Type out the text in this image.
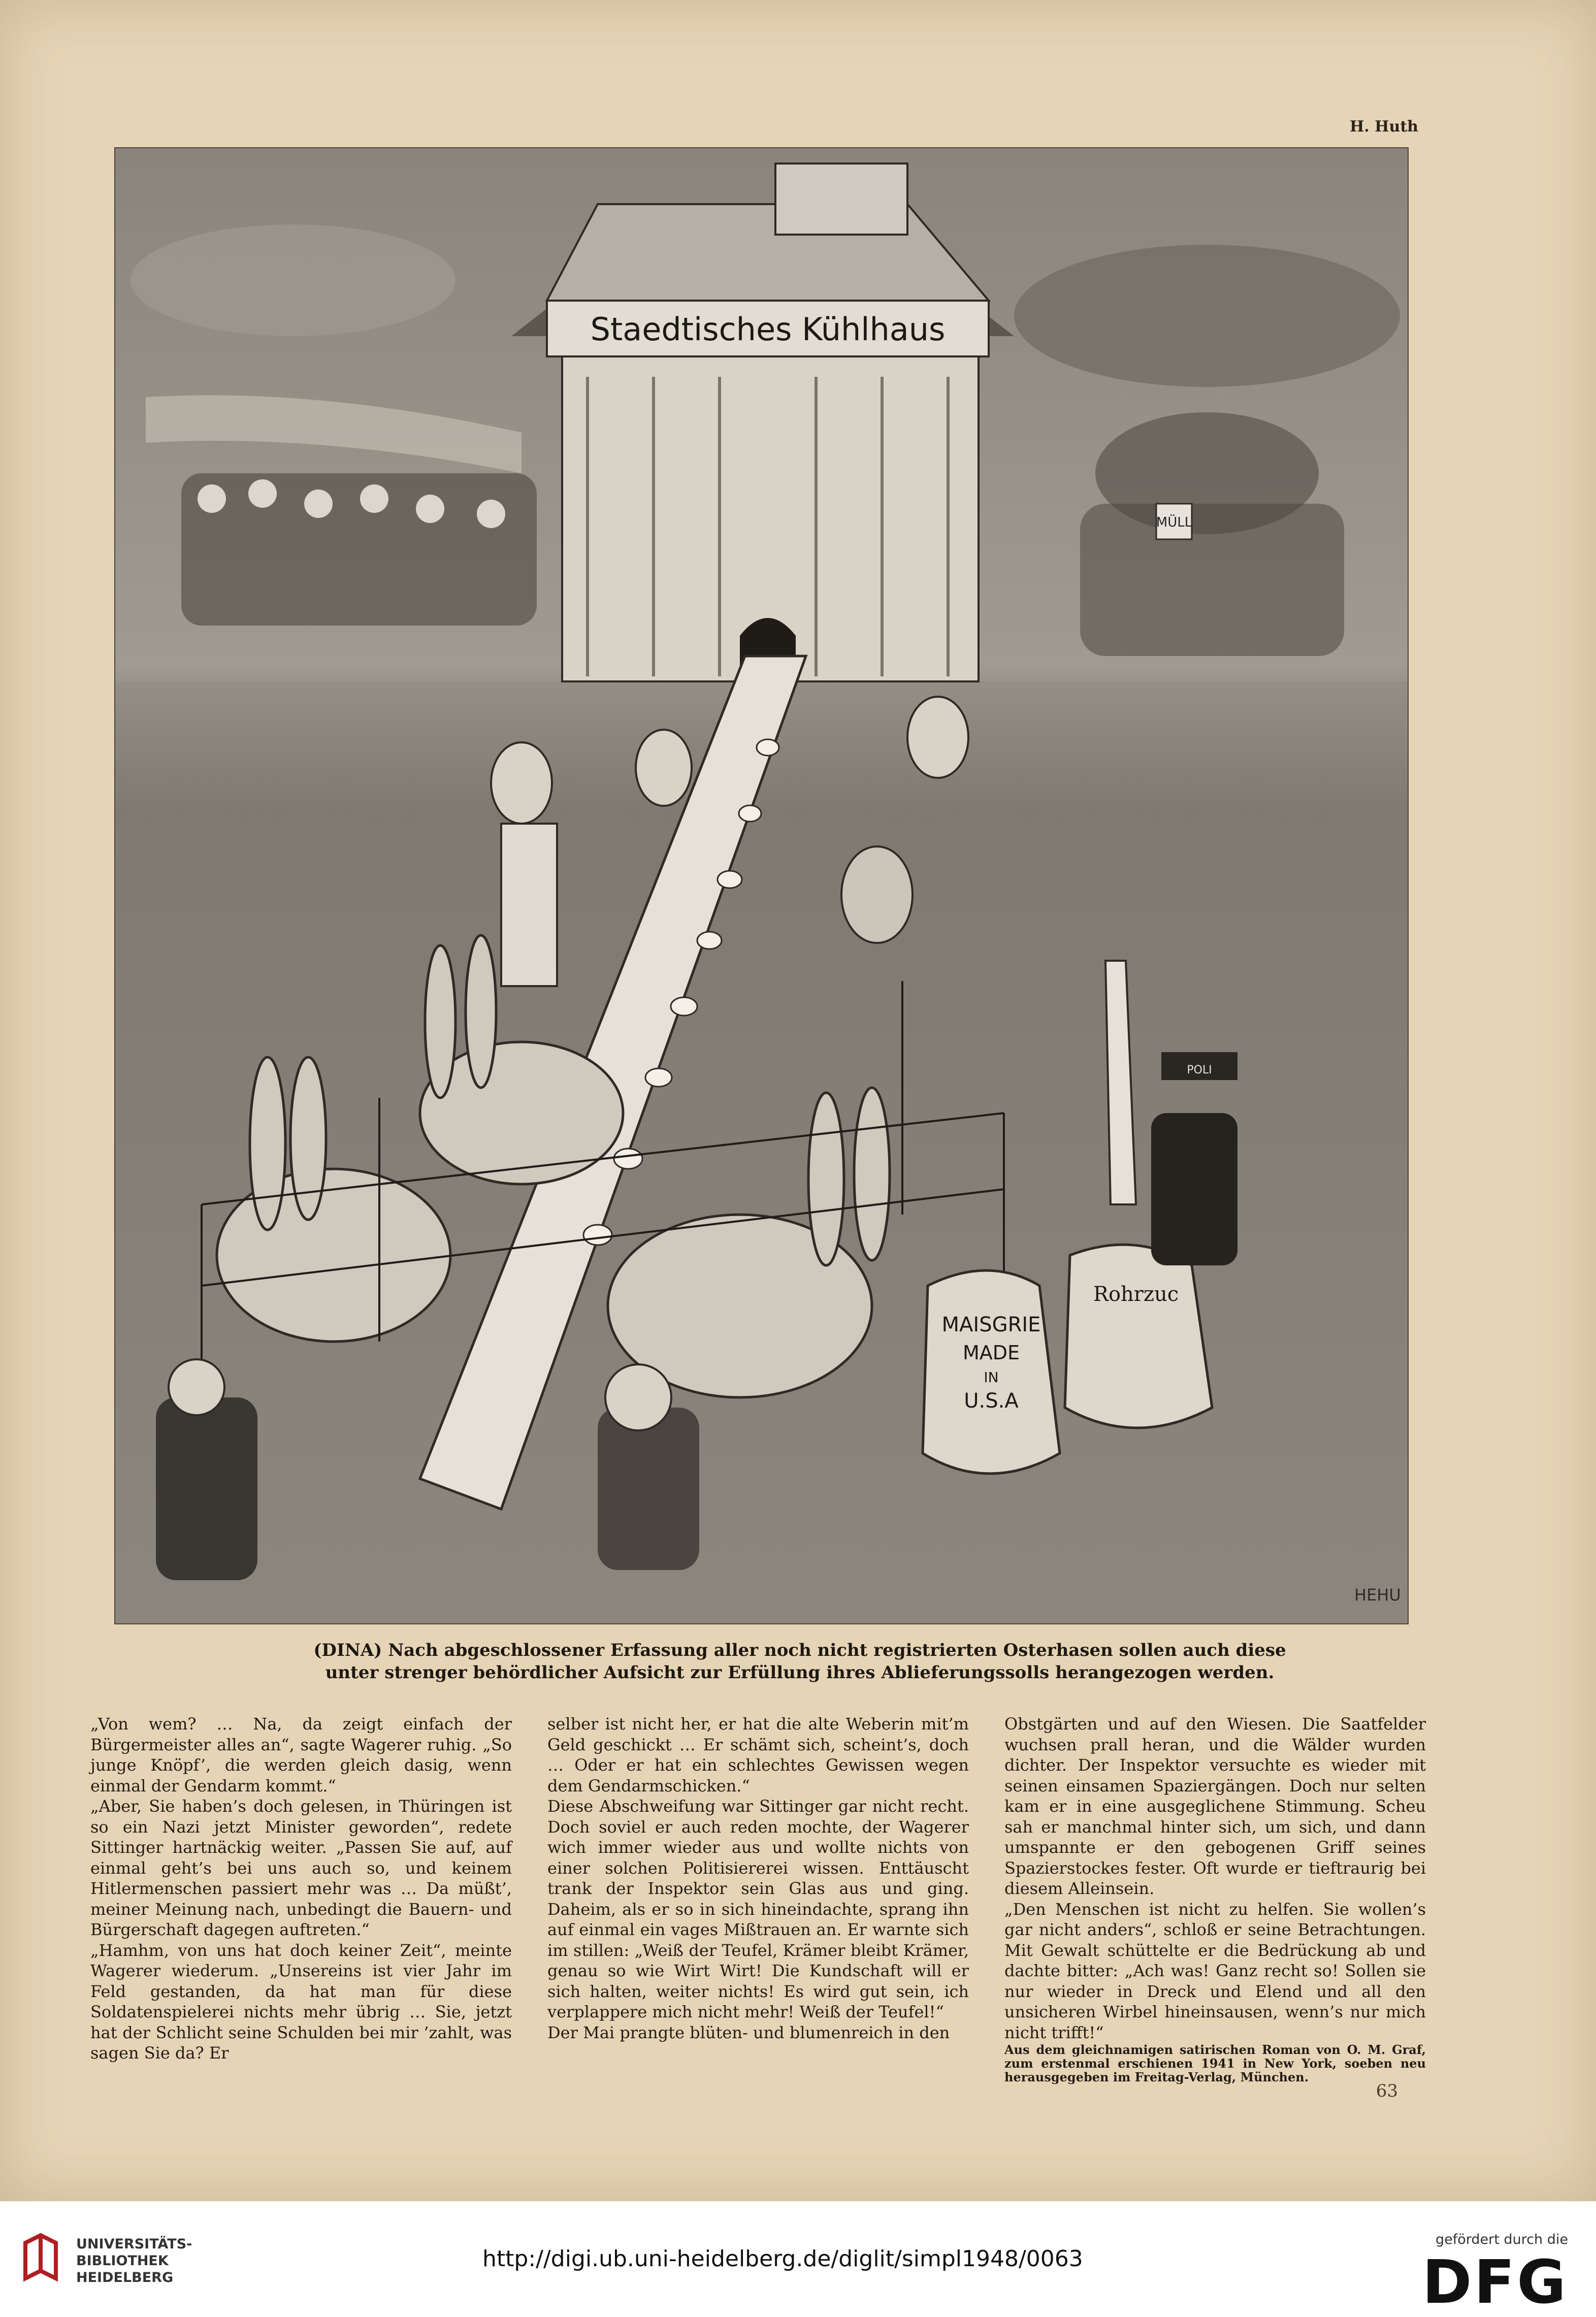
H. Huth
Staedtisches Kühlhaus
MÜLL
MAISGRIE
MADE
IN
U.S.A
Rohrzuc
POLI
HEHU
(DINA) Nach abgeschlossener Erfassung aller noch nicht registrierten Osterhasen sollen auch diese
unter strenger behördlicher Aufsicht zur Erfüllung ihres Ablieferungssolls herangezogen werden.

„Von wem? … Na, da zeigt einfach der Bürgermeister alles an“, sagte Wagerer ruhig. „So junge Knöpf’, die werden gleich dasig, wenn einmal der Gendarm kommt.“

„Aber, Sie haben’s doch gelesen, in Thüringen ist so ein Nazi jetzt Minister geworden“, redete Sittinger hartnäckig weiter. „Passen Sie auf, auf einmal geht’s bei uns auch so, und keinem Hitlermenschen passiert mehr was … Da müßt’, meiner Meinung nach, unbedingt die Bauern- und Bürgerschaft dagegen auftreten.“

„Hamhm, von uns hat doch keiner Zeit“, meinte Wagerer wiederum. „Unsereins ist vier Jahr im Feld gestanden, da hat man für diese Soldatenspielerei nichts mehr übrig … Sie, jetzt hat der Schlicht seine Schulden bei mir ’zahlt, was sagen Sie da? Er

selber ist nicht her, er hat die alte Weberin mit’m Geld geschickt … Er schämt sich, scheint’s, doch … Oder er hat ein schlechtes Gewissen wegen dem Gendarmschicken.“

Diese Abschweifung war Sittinger gar nicht recht. Doch soviel er auch reden mochte, der Wagerer wich immer wieder aus und wollte nichts von einer solchen Politisiererei wissen. Enttäuscht trank der Inspektor sein Glas aus und ging. Daheim, als er so in sich hineindachte, sprang ihn auf einmal ein vages Mißtrauen an. Er warnte sich im stillen: „Weiß der Teufel, Krämer bleibt Krämer, genau so wie Wirt Wirt! Die Kundschaft will er sich halten, weiter nichts! Es wird gut sein, ich verplappere mich nicht mehr! Weiß der Teufel!“

Der Mai prangte blüten- und blumenreich in den

Obstgärten und auf den Wiesen. Die Saatfelder wuchsen prall heran, und die Wälder wurden dichter. Der Inspektor versuchte es wieder mit seinen einsamen Spaziergängen. Doch nur selten kam er in eine ausgeglichene Stimmung. Scheu sah er manchmal hinter sich, um sich, und dann umspannte er den gebogenen Griff seines Spazierstockes fester. Oft wurde er tieftraurig bei diesem Alleinsein.

„Den Menschen ist nicht zu helfen. Sie wollen’s gar nicht anders“, schloß er seine Betrachtungen. Mit Gewalt schüttelte er die Bedrückung ab und dachte bitter: „Ach was! Ganz recht so! Sollen sie nur wieder in Dreck und Elend und all den unsicheren Wirbel hineinsausen, wenn’s nur mich nicht trifft!“

Aus dem gleichnamigen satirischen Roman von O. M. Graf, zum erstenmal erschienen 1941 in New York, soeben neu herausgegeben im Freitag-Verlag, München.

63
UNIVERSITÄTS-
BIBLIOTHEK
HEIDELBERG
http://digi.ub.uni-heidelberg.de/diglit/simpl1948/0063
gefördert durch die
DFG
